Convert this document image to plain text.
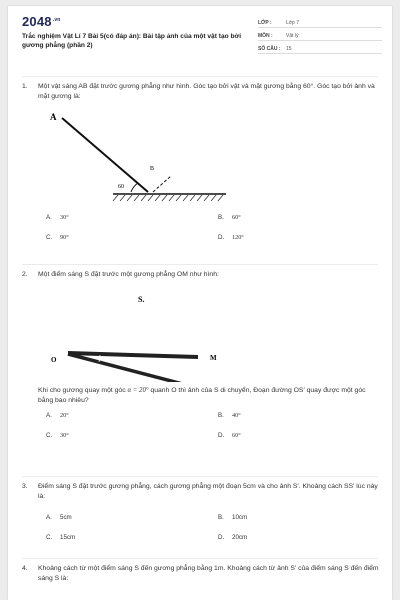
$2048^{.vn}$
Trắc nghiệm Vật Lí 7 Bài 5(có đáp án): Bài tập ảnh của một vật tạo bởi gương phẳng (phần 2)
LỚP :	Lớp 7
MÔN :	Vật lý
SỐ CÂU :	15
1.	Một vật sáng AB đặt trước gương phẳng như hình. Góc tạo bởi vật và mặt gương bằng 60°. Góc tạo bởi ảnh và mặt gương là:
A
B
60
A.	30°	B.	60°
C.	90°	D.	120°
2.	Một điểm sáng S đặt trước một gương phẳng OM như hình:
S.
O	M
20°
Khi cho gương quay một góc α = 20° quanh O thì ảnh của S di chuyển, Đoạn đường OS' quay được một góc bằng bao nhiêu?
A.	20°	B.	40°
C.	30°	D.	60°
3.	Điểm sáng S đặt trước gương phẳng, cách gương phẳng một đoạn 5cm và cho ảnh S'. Khoảng cách SS' lúc này là:
A.	5cm	B.	10cm
C.	15cm	D.	20cm
4.	Khoảng cách từ một điểm sáng S đến gương phẳng bằng 1m. Khoảng cách từ ảnh S' của điểm sáng S đến điểm sáng S là:
